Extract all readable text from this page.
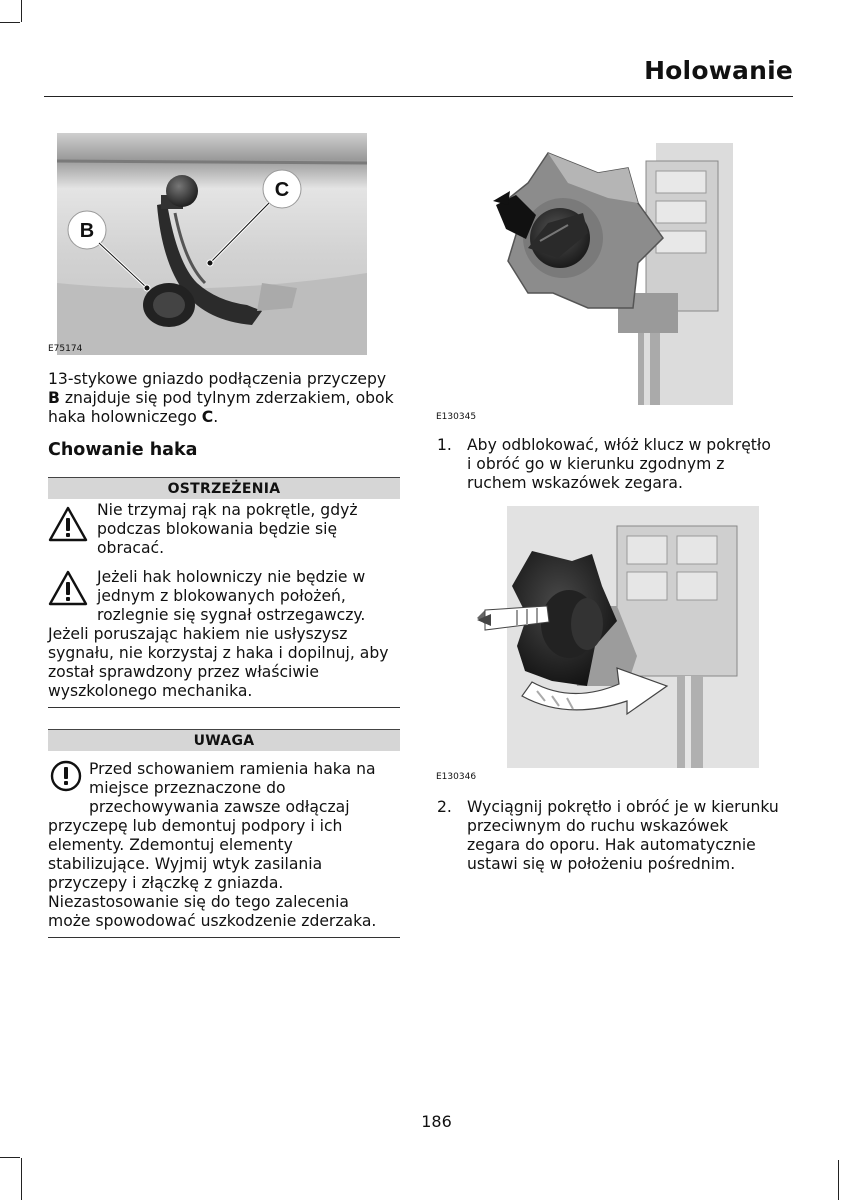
Holowanie
B
C
E75174
13-stykowe gniazdo podłączenia przyczepy
B znajduje się pod tylnym zderzakiem, obok
haka holowniczego C.
Chowanie haka
OSTRZEŻENIA
Nie trzymaj rąk na pokrętle, gdyż
podczas blokowania będzie się
obracać.
Jeżeli hak holowniczy nie będzie w
jednym z blokowanych położeń,
rozlegnie się sygnał ostrzegawczy.
Jeżeli poruszając hakiem nie usłyszysz
sygnału, nie korzystaj z haka i dopilnuj, aby
został sprawdzony przez właściwie
wyszkolonego mechanika.
UWAGA
Przed schowaniem ramienia haka na
miejsce przeznaczone do
przechowywania zawsze odłączaj
przyczepę lub demontuj podpory i ich
elementy. Zdemontuj elementy
stabilizujące. Wyjmij wtyk zasilania
przyczepy i złączkę z gniazda.
Niezastosowanie się do tego zalecenia
może spowodować uszkodzenie zderzaka.
E130345
1. Aby odblokować, włóż klucz w pokrętło
i obróć go w kierunku zgodnym z
ruchem wskazówek zegara.
E130346
2. Wyciągnij pokrętło i obróć je w kierunku
przeciwnym do ruchu wskazówek
zegara do oporu. Hak automatycznie
ustawi się w położeniu pośrednim.
186
